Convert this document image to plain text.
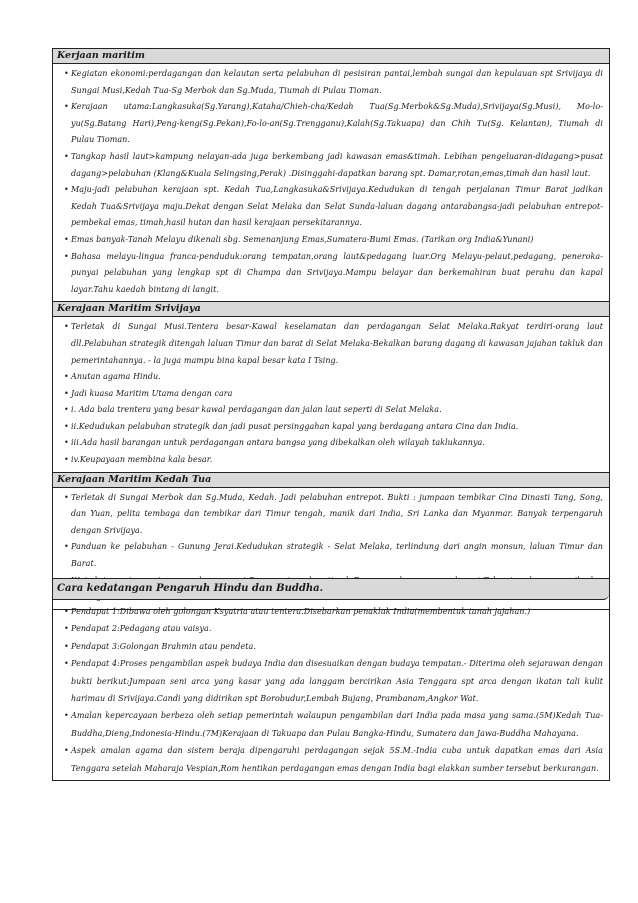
Kerjaan maritim
• Kegiatan ekonomi:perdagangan dan kelautan serta pelabuhan di pesisiran pantai,lembah sungai dan kepulauan spt Srivijaya di Sungai Musi,Kedah Tua-Sg Merbok dan Sg.Muda, Tiumah di Pulau Tioman.
• Kerajaan utama:Langkasuka(Sg.Yarang),Kataha/Chieh-cha/Kedah Tua(Sg.Merbok&Sg.Muda),Srivijaya(Sg.Musi), Mo-lo-yu(Sg.Batang Hari),Peng-keng(Sg.Pekan),Fo-lo-an(Sg.Trengganu),Kalah(Sg.Takuapa) dan Chih Tu(Sg. Kelantan), Tiumah di Pulau Tioman.
• Tangkap hasil laut>kampung nelayan-ada juga berkembang jadi kawasan emas&timah. Lebihan pengeluaran-didagang>pusat dagang>pelabuhan (Klang&Kuala Selingsing,Perak) .Disinggahi-dapatkan barang spt. Damar,rotan,emas,timah dan hasil laut.
• Maju-jadi pelabuhan kerajaan spt. Kedah Tua,Langkasuka&Srivijaya.Kedudukan di tengah perjalanan Timur Barat jadikan Kedah Tua&Srivijaya maju.Dekat dengan Selat Melaka dan Selat Sunda-laluan dagang antarabangsa-jadi pelabuhan entrepot-pembekal emas, timah,hasil hutan dan hasil kerajaan persekitarannya.
• Emas banyak-Tanah Melayu dikenali sbg. Semenanjung Emas,Sumatera-Bumi Emas. (Tarikan org India&Yunani)
• Bahasa melayu-lingua franca-penduduk:orang tempatan,orang laut&pedagang luar.Org Melayu-pelaut,pedagang, peneroka-punyai pelabuhan yang lengkap spt di Champa dan Srivijaya.Mampu belayar dan berkemahiran buat perahu dan kapal layar.Tahu kaedah bintang di langit.
Kerajaan Maritim Srivijaya
• Terletak di Sungai Musi.Tentera besar-Kawal keselamatan dan perdagangan Selat Melaka.Rakyat terdiri-orang laut dll.Pelabuhan strategik ditengah laluan Timur dan barat di Selat Melaka-Bekalkan barang dagang di kawasan jajahan takluk dan pemerintahannya. - la juga mampu bina kapal besar kata I Tsing.
• Anutan agama Hindu.
• Jadi kuasa Maritim Utama dengan cara
• i. Ada bala trentera yang besar kawal perdagangan dan jalan laut seperti di Selat Melaka.
• ii.Kedudukan pelabuhan strategik dan jadi pusat persinggahan kapal yang berdagang antara Cina dan India.
• iii.Ada hasil barangan untuk perdagangan antara bangsa yang dibekalkan oleh wilayah taklukannya.
• iv.Keupayaan membina kala besar.
Kerajaan Maritim Kedah Tua
• Terletak di Sungai Merbok dan Sg.Muda, Kedah. Jadi pelabuhan entrepot. Bukti : jumpaan tembikar Cina Dinasti Tang, Song, dan Yuan, pelita tembaga dan tembikar dari Timur tengah, manik dari India, Sri Lanka dan Myanmar. Banyak terpengaruh dengan Srivijaya.
• Panduan ke pelabuhan - Gunung Jerai.Kedudukan strategik - Selat Melaka, terlindung dari angin monsun, laluan Timur dan Barat.
•
Cara kedatangan Pengaruh Hindu dan Buddha.
• Pendapat 1:Dibawa oleh golongan Ksyatria atau tentera.Disebarkan penakluk India(membentuk tanah jajahan.)
• Pendapat 2:Pedagang atau vaisya.
• Pendapat 3:Golongan Brahmin atau pendeta.
• Pendapat 4:Proses pengambilan aspek budaya India dan disesuaikan dengan budaya tempatan.- Diterima oleh sejarawan dengan bukti berikut:Jumpaan seni arca yang kasar yang ada langgam bercirikan Asia Tenggara spt arca dengan ikatan tali kulit harimau di Srivijaya.Candi yang didirikan spt Borobudur,Lembah Bujang, Prambanam,Angkor Wat.
• Amalan kepercayaan berbeza oleh setiap pemerintah walaupun pengambilan dari India pada masa yang sama.(5M)Kedah Tua-Buddha,Dieng,Indonesia-Hindu.(7M)Kerajaan di Takuapa dan Pulau Bangka-Hindu, Sumatera dan Jawa-Buddha Mahayana.
• Aspek amalan agama dan sistem beraja dipengaruhi perdagangan sejak 5S.M.-India cuba untuk dapatkan emas dari Asia Tenggara setelah Maharaja Vespian,Rom hentikan perdagangan emas dengan India bagi elakkan sumber tersebut berkurangan.
